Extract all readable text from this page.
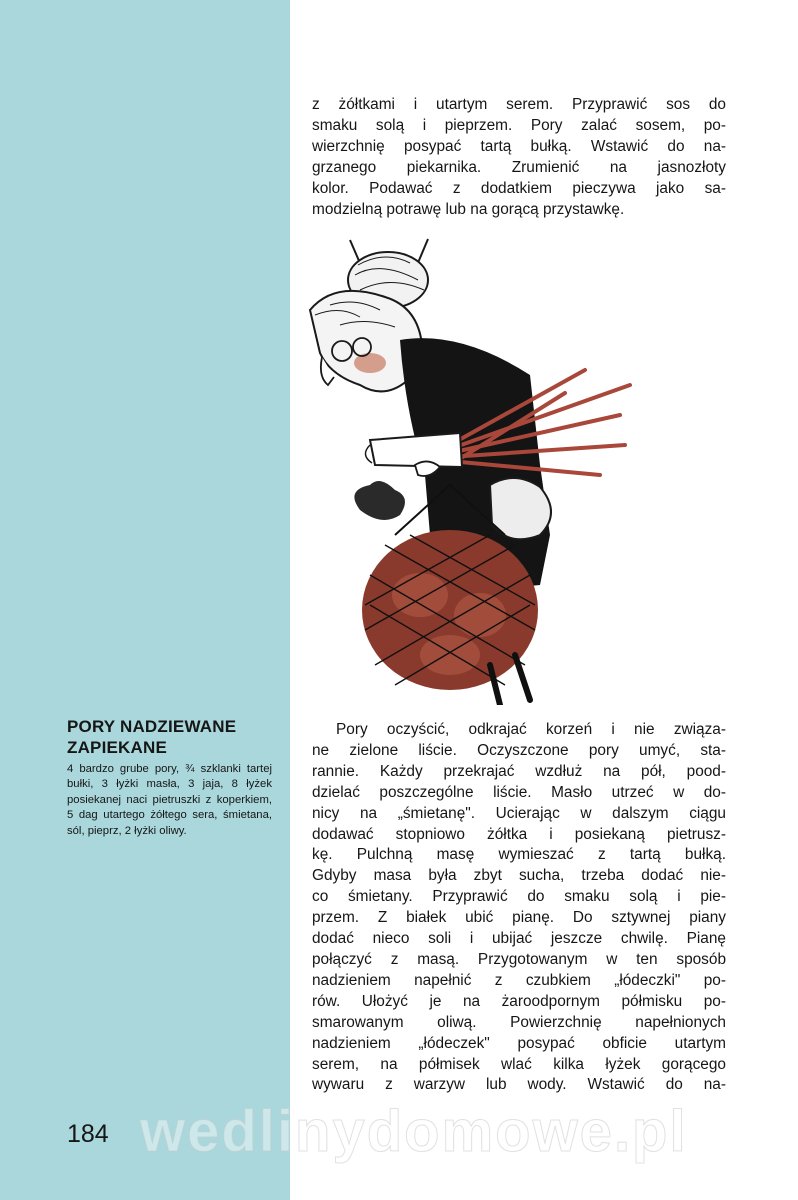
PORY NADZIEWANE
ZAPIEKANE

4 bardzo grube pory, ¾ szklanki tartej bułki, 3 łyżki masła, 3 jaja, 8 łyżek posiekanej naci pietruszki z koperkiem, 5 dag utartego żółtego sera, śmietana, sól, pieprz, 2 łyżki oliwy.

184

z żółtkami i utartym serem. Przyprawić sos do
smaku solą i pieprzem. Pory zalać sosem, po-
wierzchnię posypać tartą bułką. Wstawić do na-
grzanego piekarnika. Zrumienić na jasnozłoty
kolor. Podawać z dodatkiem pieczywa jako sa-
modzielną potrawę lub na gorącą przystawkę.

Pory oczyścić, odkrajać korzeń i nie związa-
ne zielone liście. Oczyszczone pory umyć, sta-
rannie. Każdy przekrajać wzdłuż na pół, pood-
dzielać poszczególne liście. Masło utrzeć w do-
nicy na „śmietanę". Ucierając w dalszym ciągu
dodawać stopniowo żółtka i posiekaną pietrusz-
kę. Pulchną masę wymieszać z tartą bułką.
Gdyby masa była zbyt sucha, trzeba dodać nie-
co śmietany. Przyprawić do smaku solą i pie-
przem. Z białek ubić pianę. Do sztywnej piany
dodać nieco soli i ubijać jeszcze chwilę. Pianę
połączyć z masą. Przygotowanym w ten sposób
nadzieniem napełnić z czubkiem „łódeczki" po-
rów. Ułożyć je na żaroodpornym półmisku po-
smarowanym oliwą. Powierzchnię napełnionych
nadzieniem „łódeczek" posypać obficie utartym
serem, na półmisek wlać kilka łyżek gorącego
wywaru z warzyw lub wody. Wstawić do na-

wedlinydomowe.pl
